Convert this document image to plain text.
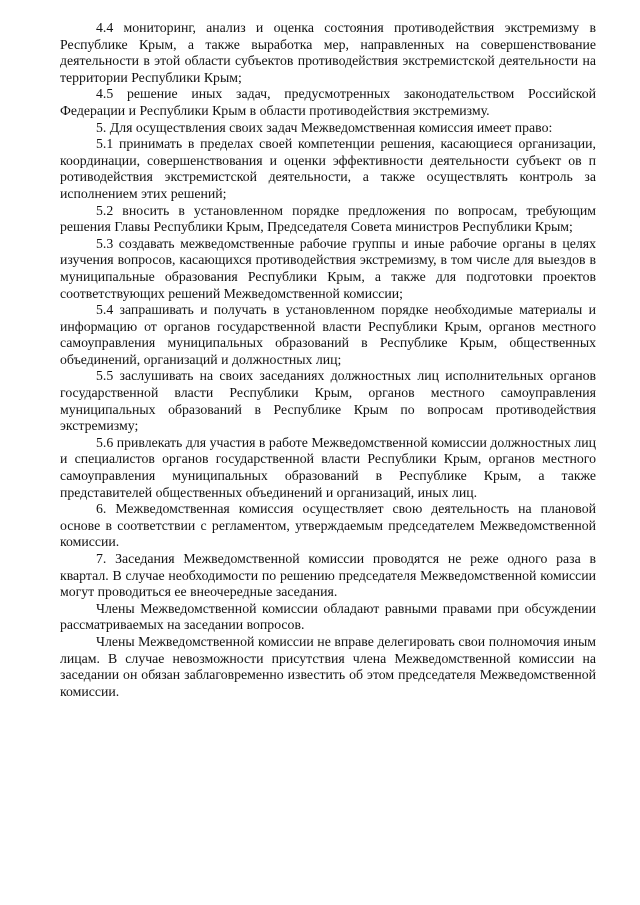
4.4 мониторинг, анализ и оценка состояния противодействия экстремизму в Республике Крым, а также выработка мер, направленных на совершенствование деятельности в этой области субъектов противодействия экстремистской деятельности на территории Республики Крым;

4.5 решение иных задач, предусмотренных законодательством Российской Федерации и Республики Крым в области противодействия экстремизму.

5. Для осуществления своих задач Межведомственная комиссия имеет право:

5.1 принимать в пределах своей компетенции решения, касающиеся организации, координации, совершенствования и оценки эффективности деятельности субъект ов п ротиводействия экстремистской деятельности, а также осуществлять контроль за исполнением этих решений;

5.2 вносить в установленном порядке предложения по вопросам, требующим решения Главы Республики Крым, Председателя Совета министров Республики Крым;

5.3 создавать межведомственные рабочие группы и иные рабочие органы в целях изучения вопросов, касающихся противодействия экстремизму, в том числе для выездов в муниципальные образования Республики Крым, а также для подготовки проектов соответствующих решений Межведомственной комиссии;

5.4 запрашивать и получать в установленном порядке необходимые материалы и информацию от органов государственной власти Республики Крым, органов местного самоуправления муниципальных образований в Республике Крым, общественных объединений, организаций и должностных лиц;

5.5 заслушивать на своих заседаниях должностных лиц исполнительных органов государственной власти Республики Крым, органов местного самоуправления муниципальных образований в Республике Крым по вопросам противодействия экстремизму;

5.6 привлекать для участия в работе Межведомственной комиссии должностных лиц и специалистов органов государственной власти Республики Крым, органов местного самоуправления муниципальных образований в Республике Крым, а также представителей общественных объединений и организаций, иных лиц.

6. Межведомственная комиссия осуществляет свою деятельность на плановой основе в соответствии с регламентом, утверждаемым председателем Межведомственной комиссии.

7. Заседания Межведомственной комиссии проводятся не реже одного раза в квартал. В случае необходимости по решению председателя Межведомственной комиссии могут проводиться ее внеочередные заседания.

Члены Межведомственной комиссии обладают равными правами при обсуждении рассматриваемых на заседании вопросов.

Члены Межведомственной комиссии не вправе делегировать свои полномочия иным лицам. В случае невозможности присутствия члена Межведомственной комиссии на заседании он обязан заблаговременно известить об этом председателя Межведомственной комиссии.
